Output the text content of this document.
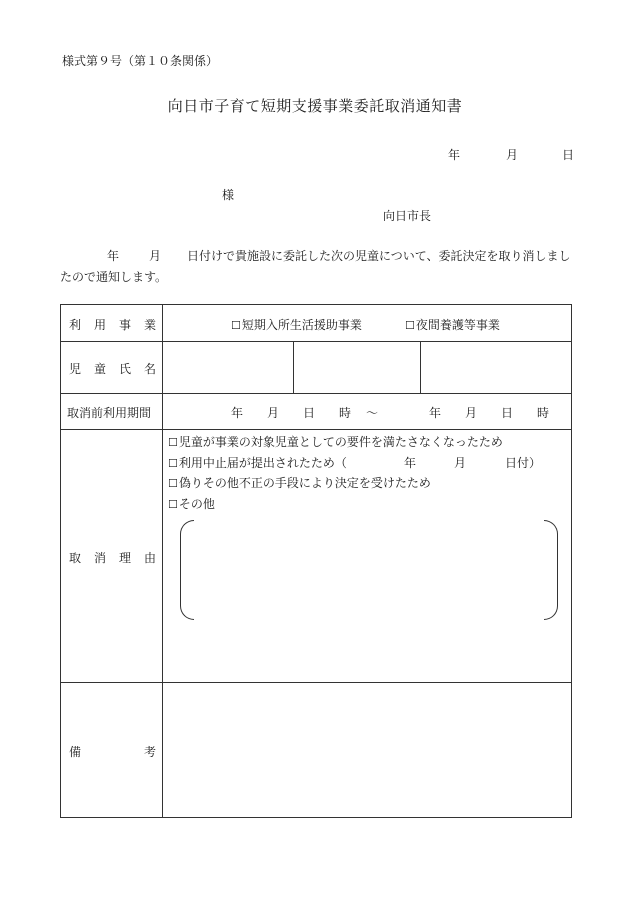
様式第９号（第１０条関係）
向日市子育て短期支援事業委託取消通知書
年	月	日
様
向日市長
年	月 日付けで貴施設に委託した次の児童について、委託決定を取り消しまし
たので通知します。
利 用 事 業	☐短期入所生活援助事業	☐夜間養護等事業
児 童 氏 名
取消前利用期間	年　　月　　日　　時 ～	年　　月　　日　　時
取 消 理 由
☐児童が事業の対象児童としての要件を満たさなくなったため
☐利用中止届が提出されたため（	年	月	日付）
☐偽りその他不正の手段により決定を受けたため
☐その他
備	考
